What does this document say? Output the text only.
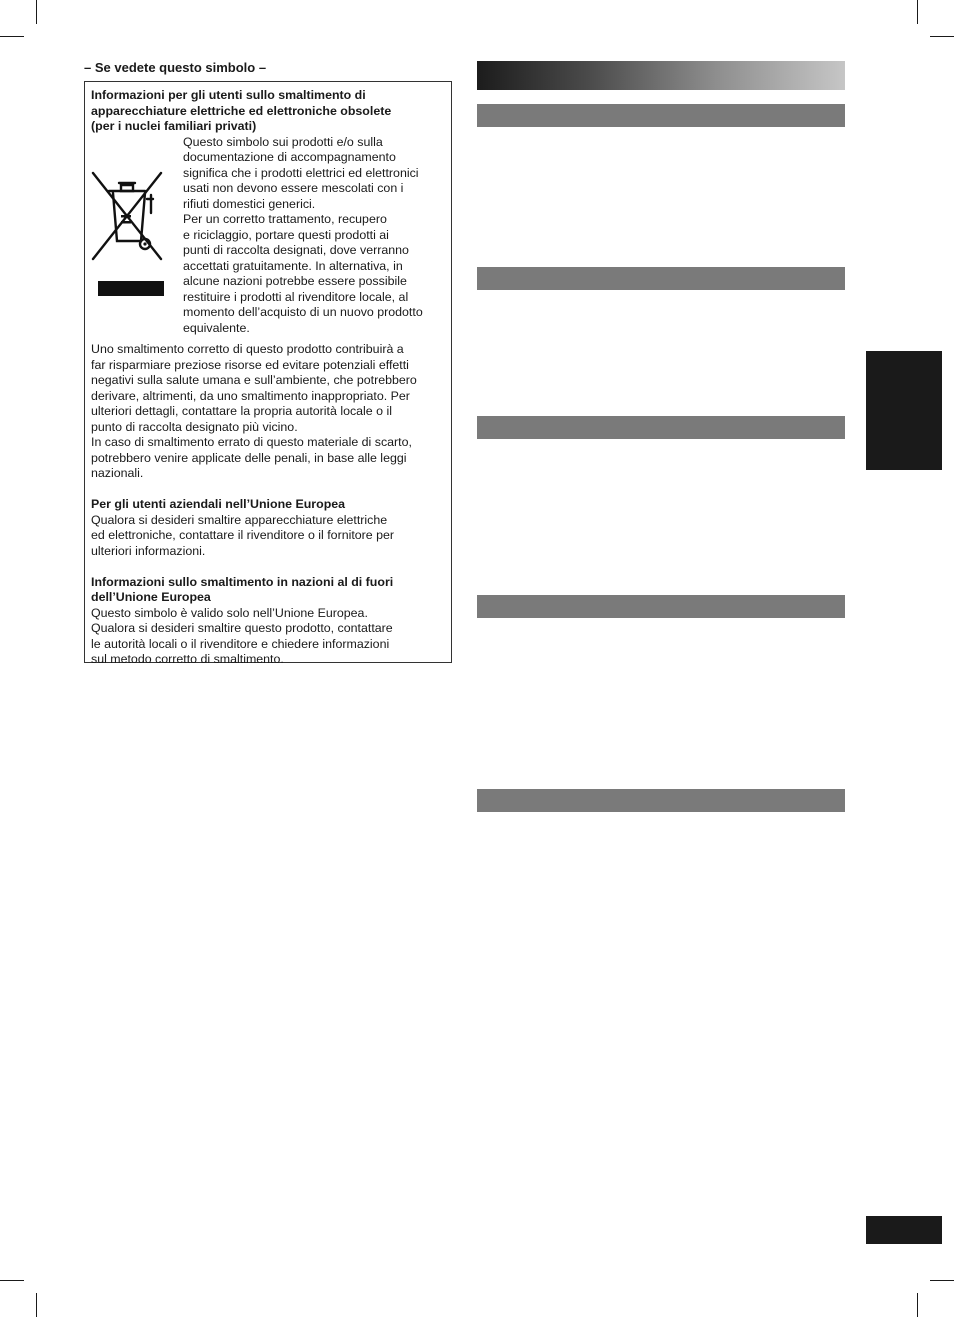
– Se vedete questo simbolo –

Informazioni per gli utenti sullo smaltimento di

apparecchiature elettriche ed elettroniche obsolete

(per i nuclei familiari privati)

Questo simbolo sui prodotti e/o sulla

documentazione di accompagnamento

significa che i prodotti elettrici ed elettronici

usati non devono essere mescolati con i

rifiuti domestici generici.

Per un corretto trattamento, recupero

e riciclaggio, portare questi prodotti ai

punti di raccolta designati, dove verranno

accettati gratuitamente. In alternativa, in

alcune nazioni potrebbe essere possibile

restituire i prodotti al rivenditore locale, al

momento dell’acquisto di un nuovo prodotto

equivalente.

Uno smaltimento corretto di questo prodotto contribuirà a

far risparmiare preziose risorse ed evitare potenziali effetti

negativi sulla salute umana e sull’ambiente, che potrebbero

derivare, altrimenti, da uno smaltimento inappropriato. Per

ulteriori dettagli, contattare la propria autorità locale o il

punto di raccolta designato più vicino.

In caso di smaltimento errato di questo materiale di scarto,

potrebbero venire applicate delle penali, in base alle leggi

nazionali.

Per gli utenti aziendali nell’Unione Europea

Qualora si desideri smaltire apparecchiature elettriche

ed elettroniche, contattare il rivenditore o il fornitore per

ulteriori informazioni.

Informazioni sullo smaltimento in nazioni al di fuori

dell’Unione Europea

Questo simbolo è valido solo nell’Unione Europea.

Qualora si desideri smaltire questo prodotto, contattare

le autorità locali o il rivenditore e chiedere informazioni

sul metodo corretto di smaltimento.
